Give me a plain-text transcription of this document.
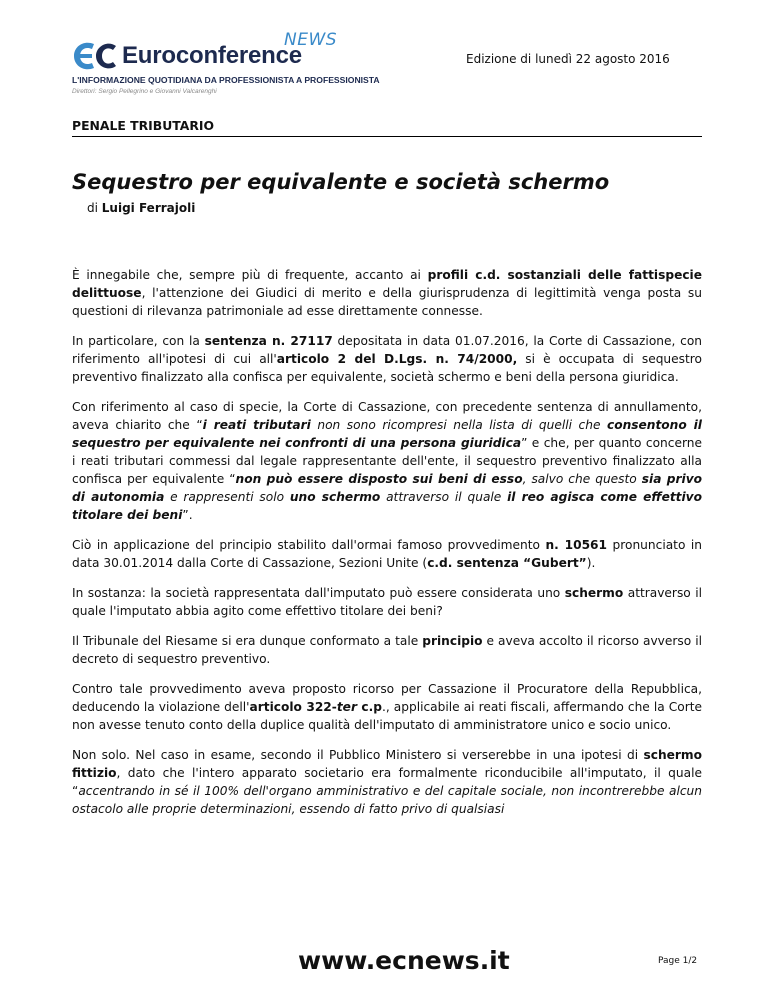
NEWS
Euroconference
L'INFORMAZIONE QUOTIDIANA DA PROFESSIONISTA A PROFESSIONISTA
Direttori: Sergio Pellegrino e Giovanni Valcarenghi
Edizione di lunedì 22 agosto 2016
PENALE TRIBUTARIO
Sequestro per equivalente e società schermo
di Luigi Ferrajoli

È innegabile che, sempre più di frequente, accanto ai profili c.d. sostanziali delle fattispecie delittuose, l'attenzione dei Giudici di merito e della giurisprudenza di legittimità venga posta su questioni di rilevanza patrimoniale ad esse direttamente connesse.

In particolare, con la sentenza n. 27117 depositata in data 01.07.2016, la Corte di Cassazione, con riferimento all'ipotesi di cui all'articolo 2 del D.Lgs. n. 74/2000, si è occupata di sequestro preventivo finalizzato alla confisca per equivalente, società schermo e beni della persona giuridica.

Con riferimento al caso di specie, la Corte di Cassazione, con precedente sentenza di annullamento, aveva chiarito che “i reati tributari non sono ricompresi nella lista di quelli che consentono il sequestro per equivalente nei confronti di una persona giuridica” e che, per quanto concerne i reati tributari commessi dal legale rappresentante dell'ente, il sequestro preventivo finalizzato alla confisca per equivalente “non può essere disposto sui beni di esso, salvo che questo sia privo di autonomia e rappresenti solo uno schermo attraverso il quale il reo agisca come effettivo titolare dei beni”.

Ciò in applicazione del principio stabilito dall'ormai famoso provvedimento n. 10561 pronunciato in data 30.01.2014 dalla Corte di Cassazione, Sezioni Unite (c.d. sentenza “Gubert”).

In sostanza: la società rappresentata dall'imputato può essere considerata uno schermo attraverso il quale l'imputato abbia agito come effettivo titolare dei beni?

Il Tribunale del Riesame si era dunque conformato a tale principio e aveva accolto il ricorso avverso il decreto di sequestro preventivo.

Contro tale provvedimento aveva proposto ricorso per Cassazione il Procuratore della Repubblica, deducendo la violazione dell'articolo 322-ter c.p., applicabile ai reati fiscali, affermando che la Corte non avesse tenuto conto della duplice qualità dell'imputato di amministratore unico e socio unico.

Non solo. Nel caso in esame, secondo il Pubblico Ministero si verserebbe in una ipotesi di schermo fittizio, dato che l'intero apparato societario era formalmente riconducibile all'imputato, il quale “accentrando in sé il 100% dell'organo amministrativo e del capitale sociale, non incontrerebbe alcun ostacolo alle proprie determinazioni, essendo di fatto privo di qualsiasi

www.ecnews.it	Page 1/2
